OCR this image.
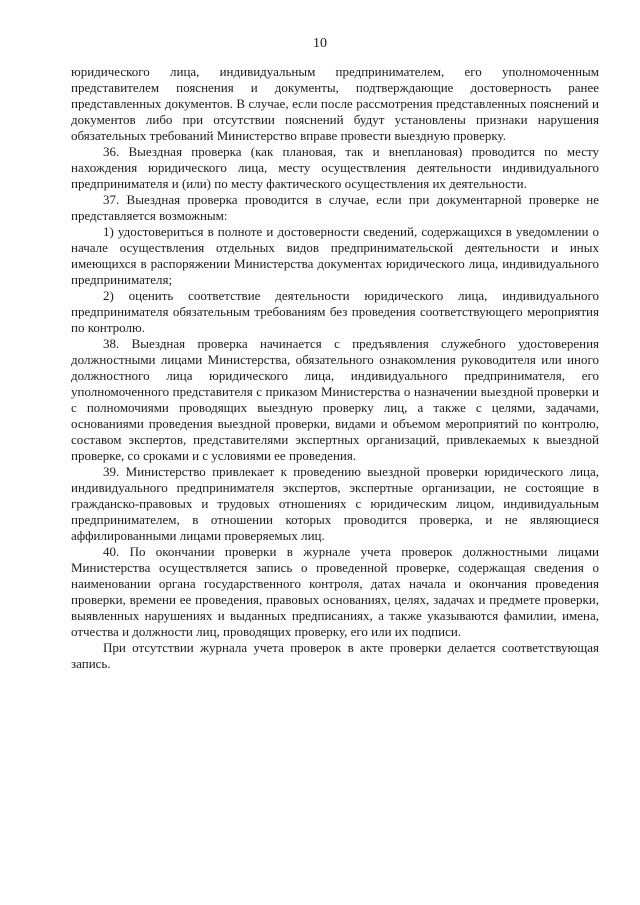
10

юридического лица, индивидуальным предпринимателем, его уполномоченным представителем пояснения и документы, подтверждающие достоверность ранее представленных документов. В случае, если после рассмотрения представленных пояснений и документов либо при отсутствии пояснений будут установлены признаки нарушения обязательных требований Министерство вправе провести выездную проверку.

36. Выездная проверка (как плановая, так и внеплановая) проводится по месту нахождения юридического лица, месту осуществления деятельности индивидуального предпринимателя и (или) по месту фактического осуществления их деятельности.

37. Выездная проверка проводится в случае, если при документарной проверке не представляется возможным:

1) удостовериться в полноте и достоверности сведений, содержащихся в уведомлении о начале осуществления отдельных видов предпринимательской деятельности и иных имеющихся в распоряжении Министерства документах юридического лица, индивидуального предпринимателя;

2) оценить соответствие деятельности юридического лица, индивидуального предпринимателя обязательным требованиям без проведения соответствующего мероприятия по контролю.

38. Выездная проверка начинается с предъявления служебного удостоверения должностными лицами Министерства, обязательного ознакомления руководителя или иного должностного лица юридического лица, индивидуального предпринимателя, его уполномоченного представителя с приказом Министерства о назначении выездной проверки и с полномочиями проводящих выездную проверку лиц, а также с целями, задачами, основаниями проведения выездной проверки, видами и объемом мероприятий по контролю, составом экспертов, представителями экспертных организаций, привлекаемых к выездной проверке, со сроками и с условиями ее проведения.

39. Министерство привлекает к проведению выездной проверки юридического лица, индивидуального предпринимателя экспертов, экспертные организации, не состоящие в гражданско-правовых и трудовых отношениях с юридическим лицом, индивидуальным предпринимателем, в отношении которых проводится проверка, и не являющиеся аффилированными лицами проверяемых лиц.

40. По окончании проверки в журнале учета проверок должностными лицами Министерства осуществляется запись о проведенной проверке, содержащая сведения о наименовании органа государственного контроля, датах начала и окончания проведения проверки, времени ее проведения, правовых основаниях, целях, задачах и предмете проверки, выявленных нарушениях и выданных предписаниях, а также указываются фамилии, имена, отчества и должности лиц, проводящих проверку, его или их подписи.

При отсутствии журнала учета проверок в акте проверки делается соответствующая запись.
